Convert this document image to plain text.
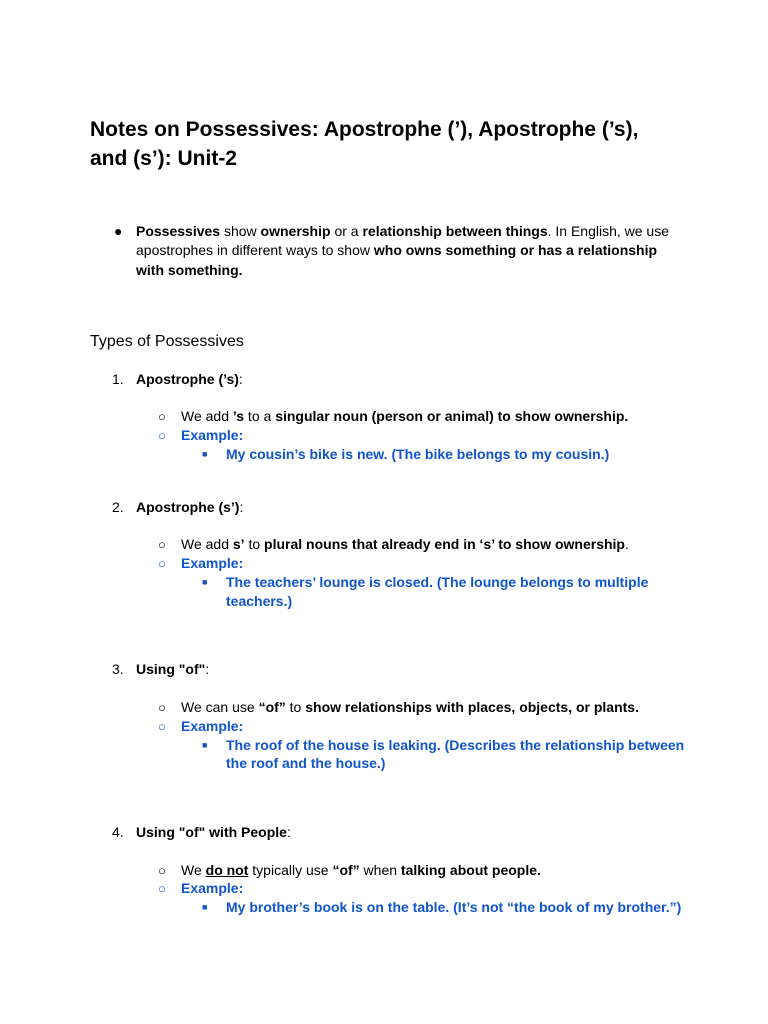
Notes on Possessives: Apostrophe (’), Apostrophe (’s),
and (s’): Unit-2
● Possessives show ownership or a relationship between things. In English, we use
apostrophes in different ways to show who owns something or has a relationship
with something.
Types of Possessives
1. Apostrophe (’s):
○ We add ’s to a singular noun (person or animal) to show ownership.
○ Example:
■ My cousin’s bike is new. (The bike belongs to my cousin.)
2. Apostrophe (s’):
○ We add s’ to plural nouns that already end in ‘s’ to show ownership.
○ Example:
■ The teachers’ lounge is closed. (The lounge belongs to multiple
teachers.)
3. Using "of":
○ We can use “of” to show relationships with places, objects, or plants.
○ Example:
■ The roof of the house is leaking. (Describes the relationship between
the roof and the house.)
4. Using "of" with People:
○ We do not typically use “of” when talking about people.
○ Example:
■ My brother’s book is on the table. (It’s not “the book of my brother.”)
